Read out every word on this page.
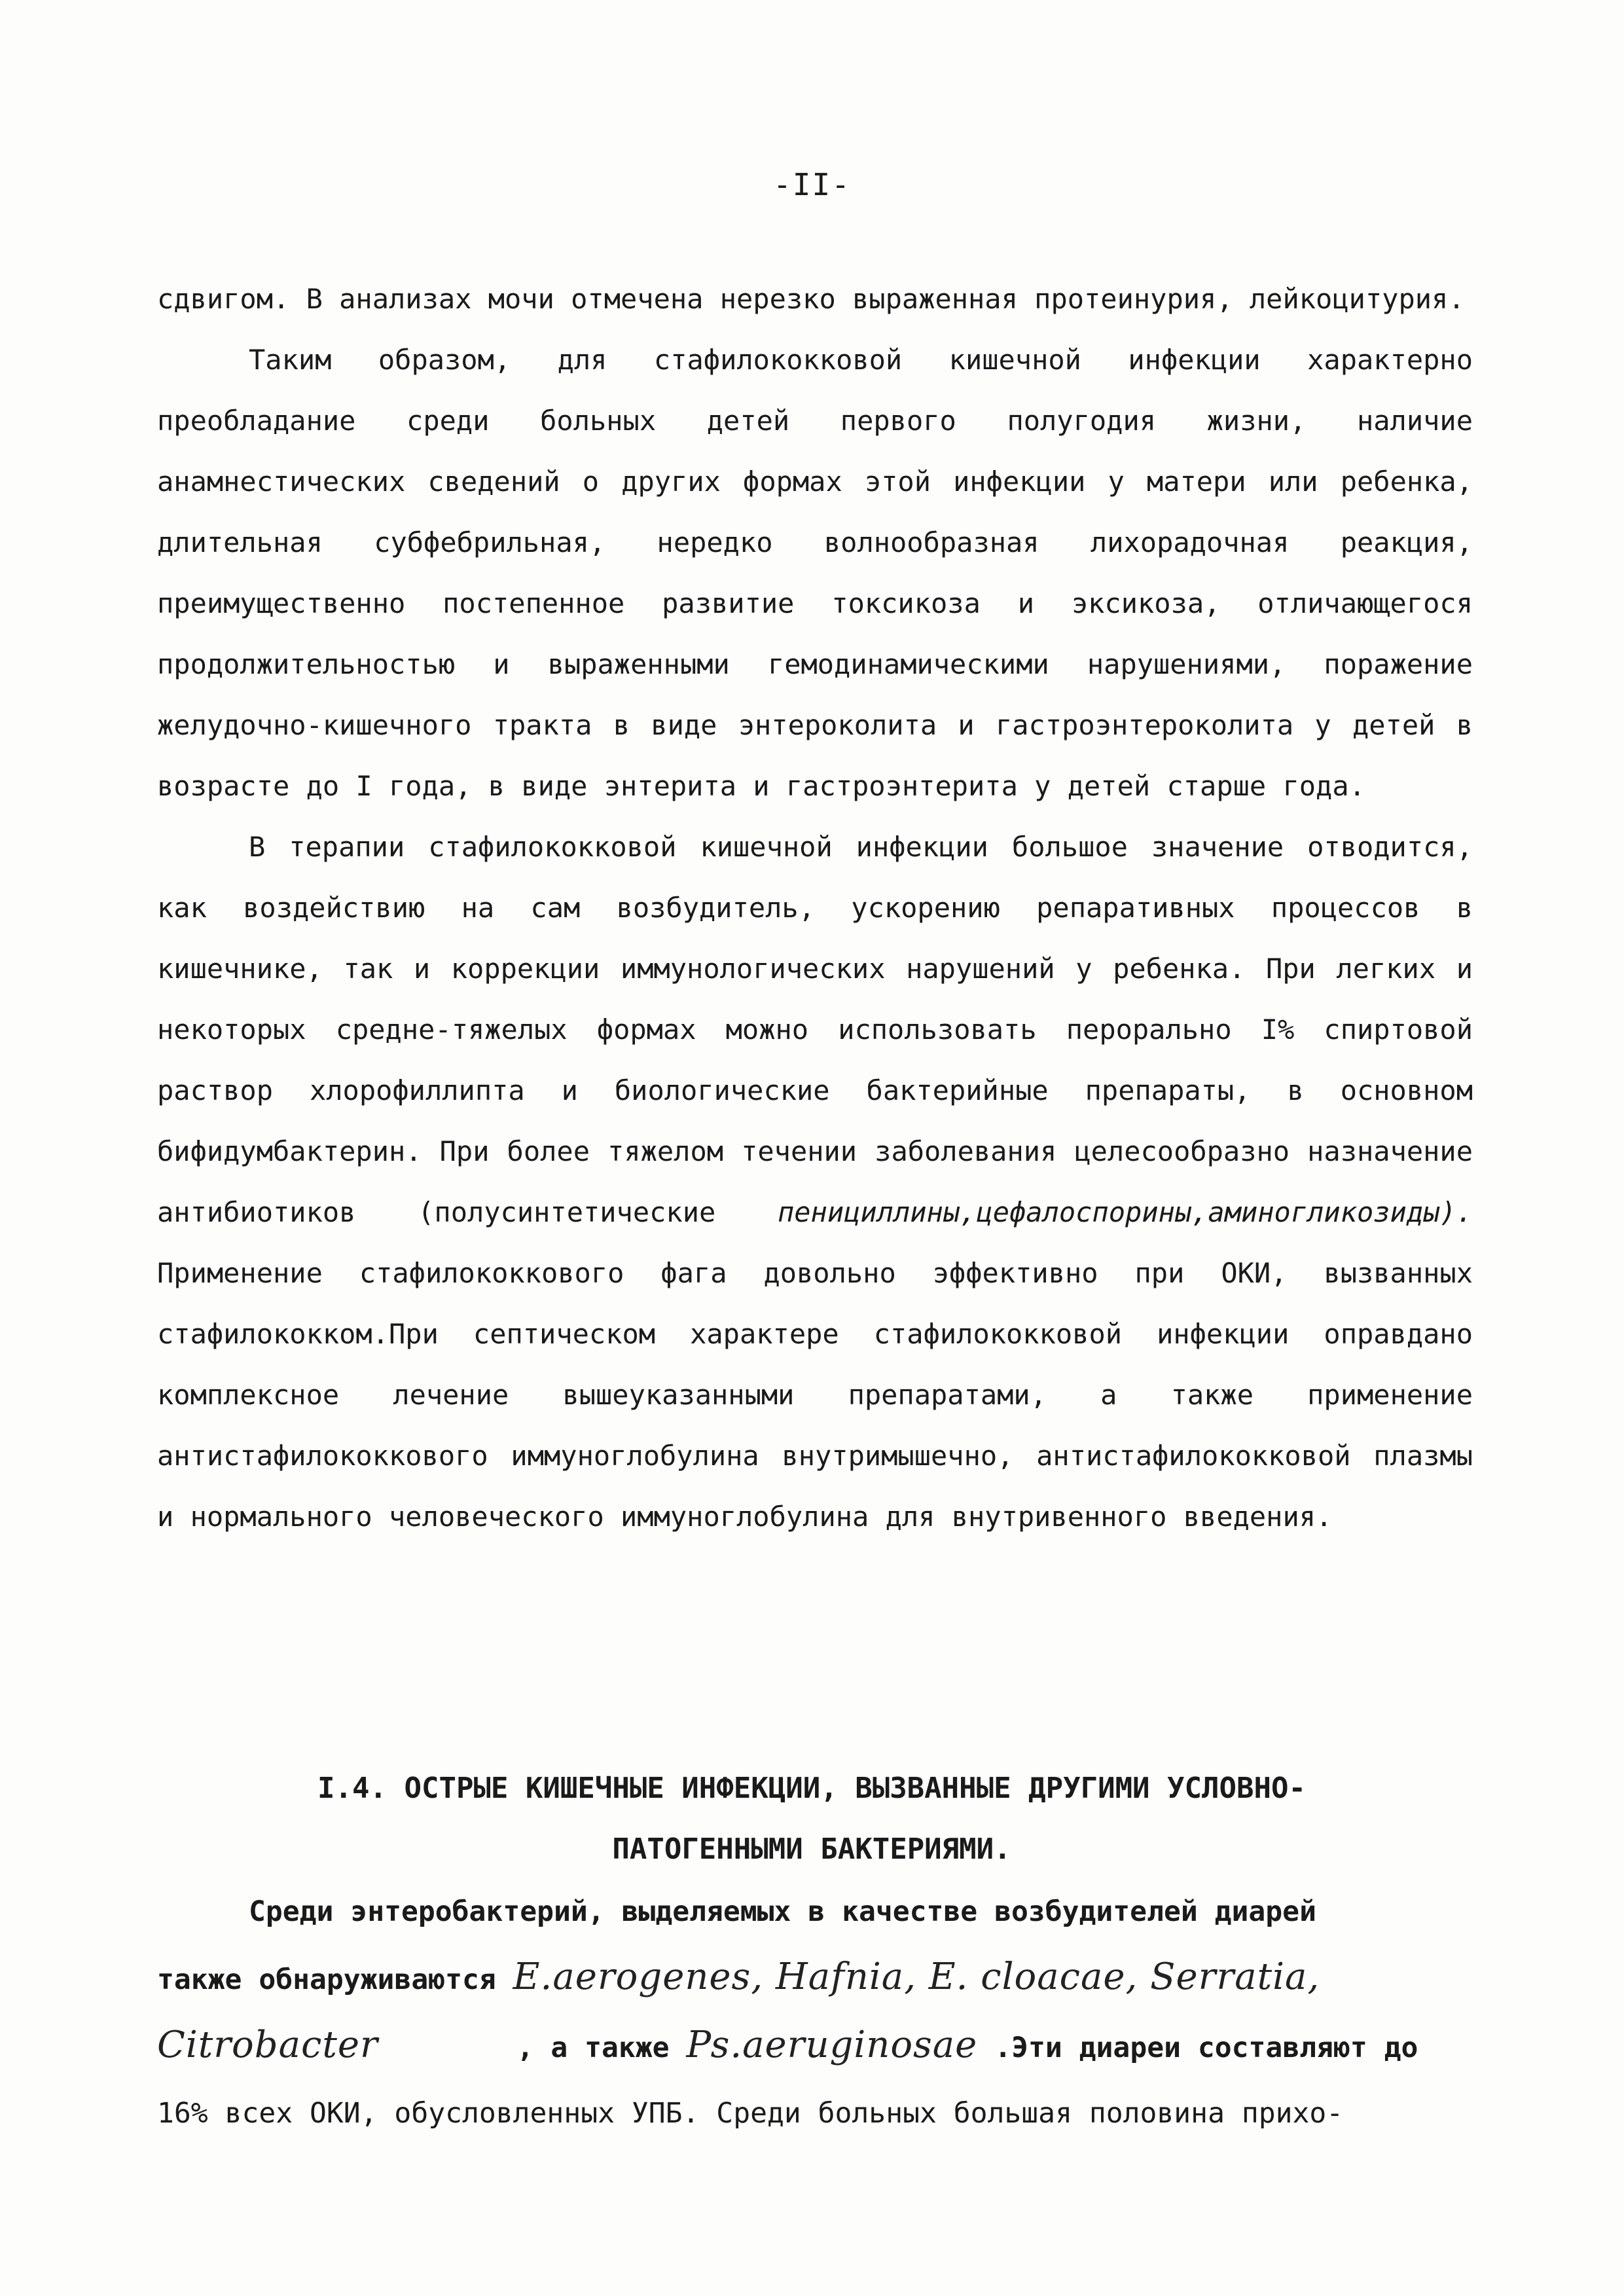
-II-

сдвигом. В анализах мочи отмечена нерезко выраженная протеинурия, лейкоцитурия.

Таким образом, для стафилококковой кишечной инфекции характерно преобладание среди больных детей первого полугодия жизни, наличие анамнестических сведений о других формах этой инфекции у матери или ребенка, длительная субфебрильная, нередко волнообразная лихорадочная реакция, преимущественно постепенное развитие токсикоза и эксикоза, отличающегося продолжительностью и выраженными гемодинамическими нарушениями, поражение желудочно-кишечного тракта в виде энтероколита и гастроэнтероколита у детей в возрасте до I года, в виде энтерита и гастроэнтерита у детей старше года.

В терапии стафилококковой кишечной инфекции большое значение отводится, как воздействию на сам возбудитель, ускорению репаративных процессов в кишечнике, так и коррекции иммунологических нарушений у ребенка. При легких и некоторых средне-тяжелых формах можно использовать перорально I% спиртовой раствор хлорофиллипта и биологические бактерийные препараты, в основном бифидумбактерин. При более тяжелом течении заболевания целесообразно назначение антибиотиков (полусинтетические пенициллины,цефалоспорины,аминогликозиды). Применение стафилококкового фага довольно эффективно при ОКИ, вызванных стафилококком.При септическом характере стафилококковой инфекции оправдано комплексное лечение вышеуказанными препаратами, а также применение антистафилококкового иммуноглобулина внутримышечно, антистафилококковой плазмы и нормального человеческого иммуноглобулина для внутривенного введения.

I.4. ОСТРЫЕ КИШЕЧНЫЕ ИНФЕКЦИИ, ВЫЗВАННЫЕ ДРУГИМИ УСЛОВНО-
ПАТОГЕННЫМИ БАКТЕРИЯМИ.
Среди энтеробактерий, выделяемых в качестве возбудителей диарей
также обнаруживаются E.aerogenes, Hafnia, E. cloacae, Serratia,
Citrobacter	, а также Ps.aeruginosae .Эти диареи составляют до
16% всех ОКИ, обусловленных УПБ. Среди больных большая половина прихо-
